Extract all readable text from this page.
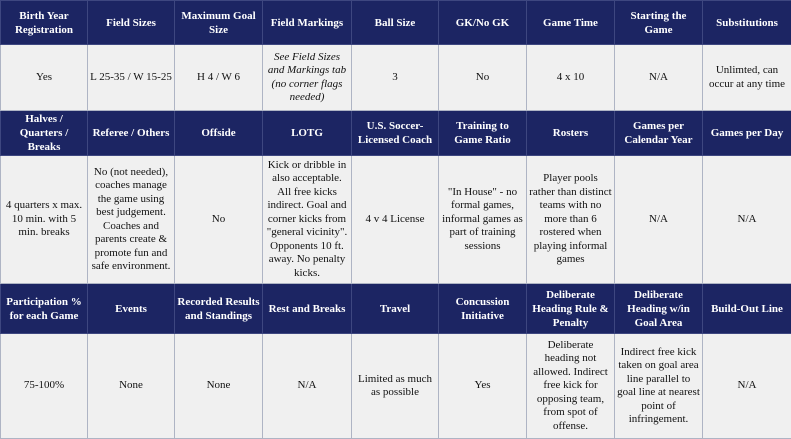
Birth Year Registration	Field Sizes	Maximum Goal Size	Field Markings	Ball Size	GK/No GK	Game Time	Starting the Game	Substitutions
Yes	L 25-35 / W 15-25	H 4 / W 6	See Field Sizes and Markings tab (no corner flags needed)	3	No	4 x 10	N/A	Unlimted, can occur at any time
Halves / Quarters / Breaks	Referee / Others	Offside	LOTG	U.S. Soccer-Licensed Coach	Training to Game Ratio	Rosters	Games per Calendar Year	Games per Day
4 quarters x max. 10 min. with 5 min. breaks	No (not needed), coaches manage the game using best judgement. Coaches and parents create & promote fun and safe environment.	No	Kick or dribble in also acceptable. All free kicks indirect. Goal and corner kicks from "general vicinity". Opponents 10 ft. away. No penalty kicks.	4 v 4 License	"In House" - no formal games, informal games as part of training sessions	Player pools rather than distinct teams with no more than 6 rostered when playing informal games	N/A	N/A
Participation % for each Game	Events	Recorded Results and Standings	Rest and Breaks	Travel	Concussion Initiative	Deliberate Heading Rule & Penalty	Deliberate Heading w/in Goal Area	Build-Out Line
75-100%	None	None	N/A	Limited as much as possible	Yes	Deliberate heading not allowed. Indirect free kick for opposing team, from spot of offense.	Indirect free kick taken on goal area line parallel to goal line at nearest point of infringement.	N/A
